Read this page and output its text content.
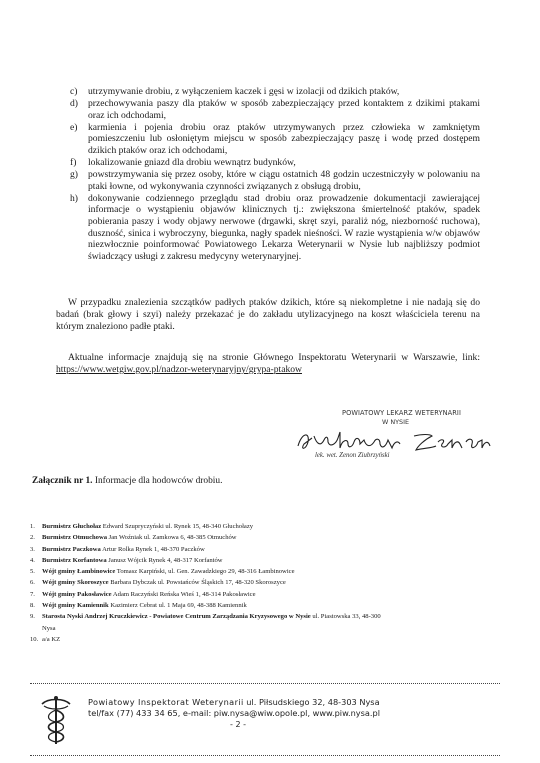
c) utrzymywanie drobiu, z wyłączeniem kaczek i gęsi w izolacji od dzikich ptaków,
d) przechowywania paszy dla ptaków w sposób zabezpieczający przed kontaktem z dzikimi ptakami oraz ich odchodami,
e) karmienia i pojenia drobiu oraz ptaków utrzymywanych przez człowieka w zamkniętym pomieszczeniu lub osłoniętym miejscu w sposób zabezpieczający paszę i wodę przed dostępem dzikich ptaków oraz ich odchodami,
f) lokalizowanie gniazd dla drobiu wewnątrz budynków,
g) powstrzymywania się przez osoby, które w ciągu ostatnich 48 godzin uczestniczyły w polowaniu na ptaki łowne, od wykonywania czynności związanych z obsługą drobiu,
h) dokonywanie codziennego przeglądu stad drobiu oraz prowadzenie dokumentacji zawierającej informacje o wystąpieniu objawów klinicznych tj.: zwiększona śmiertelność ptaków, spadek pobierania paszy i wody objawy nerwowe (drgawki, skręt szyi, paraliż nóg, niezborność ruchowa), duszność, sinica i wybroczyny, biegunka, nagły spadek nieśności. W razie wystąpienia w/w objawów niezwłocznie poinformować Powiatowego Lekarza Weterynarii w Nysie lub najbliższy podmiot świadczący usługi z zakresu medycyny weterynaryjnej.
W przypadku znalezienia szczątków padłych ptaków dzikich, które są niekompletne i nie nadają się do badań (brak głowy i szyi) należy przekazać je do zakładu utylizacyjnego na koszt właściciela terenu na którym znaleziono padłe ptaki.
Aktualne informacje znajdują się na stronie Głównego Inspektoratu Weterynarii w Warszawie, link: https://www.wetgiw.gov.pl/nadzor-weterynaryjny/grypa-ptakow
POWIATOWY LEKARZ WETERYNARII
W NYSIE
lek. wet. Zenon Ziubrzyński
Załącznik nr 1. Informacje dla hodowców drobiu.
1. Burmistrz Głuchołaz Edward Szupryczyński ul. Rynek 15, 48-340 Głuchołazy
2. Burmistrz Otmuchowa Jan Woźniak ul. Zamkowa 6, 48-385 Otmuchów
3. Burmistrz Paczkowa Artur Rolka Rynek 1, 48-370 Paczków
4. Burmistrz Korfantowa Janusz Wójcik Rynek 4, 48-317 Korfantów
5. Wójt gminy Łambinowice Tomasz Karpiński, ul. Gen. Zawadzkiego 29, 48-316 Łambinowice
6. Wójt gminy Skoroszyce Barbara Dybczak ul. Powstańców Śląskich 17, 48-320 Skoroszyce
7. Wójt gminy Pakosławice Adam Raczyński Reńska Wieś 1, 48-314 Pakosławice
8. Wójt gminy Kamiennik Kazimierz Cebrat ul. 1 Maja 69, 48-388 Kamiennik
9. Starosta Nyski Andrzej Kruczkiewicz - Powiatowe Centrum Zarządzania Kryzysowego w Nysie ul. Piastowska 33, 48-300
Nysa
10. a/a KZ
Powiatowy Inspektorat Weterynarii ul. Piłsudskiego 32, 48-303 Nysa
tel/fax (77) 433 34 65, e-mail: piw.nysa@wiw.opole.pl, www.piw.nysa.pl
- 2 -
